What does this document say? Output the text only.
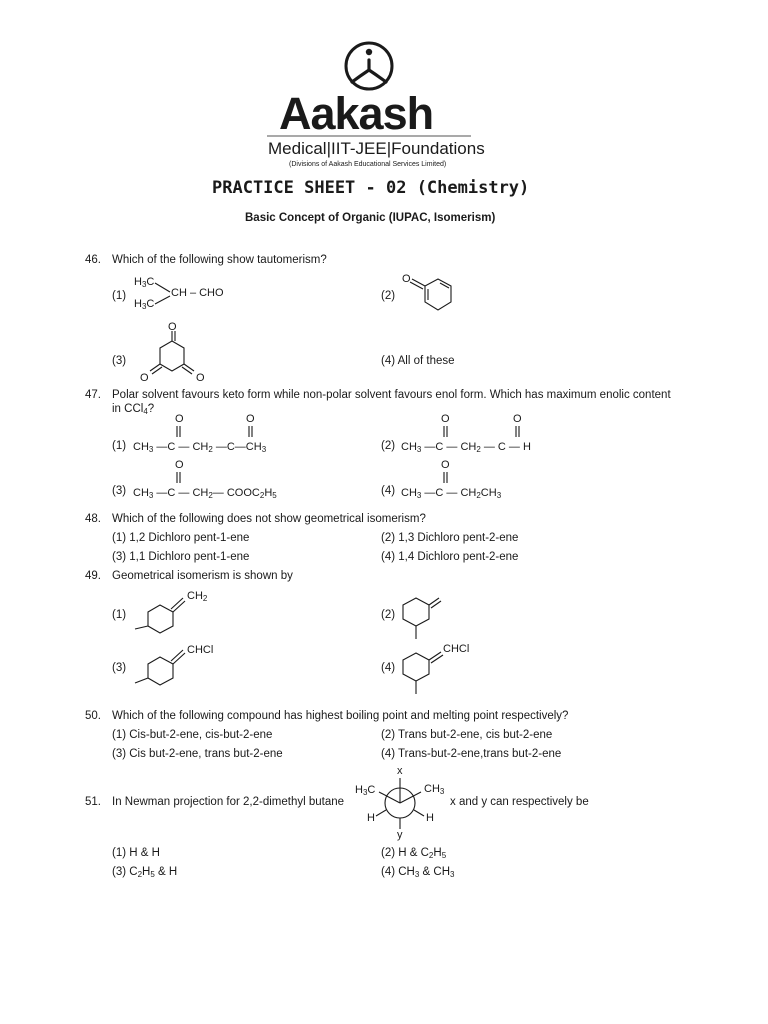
Aakash
Medical|IIT-JEE|Foundations
(Divisions of Aakash Educational Services Limited)
PRACTICE SHEET - 02 (Chemistry)
Basic Concept of Organic (IUPAC, Isomerism)
46. Which of the following show tautomerism?
(1)
$H_3C$
$H_3C$
CH – CHO	(2)
O
(3)
O
O	O
(4) All of these
47. Polar solvent favours keto form while non-polar solvent favours enol form. Which has maximum enolic content
in CCl$_4$?
(1) CH3 —C — CH2 —C—CH3
O	O
(2) CH3 —C — CH2 — C — H
O	O
(3) CH3 —C — CH2— COOC2H5
O
(4) CH3 —C — CH2CH3
O
48. Which of the following does not show geometrical isomerism?
(1) 1,2 Dichloro pent-1-ene	(2) 1,3 Dichloro pent-2-ene
(3) 1,1 Dichloro pent-1-ene	(4) 1,4 Dichloro pent-2-ene
49. Geometrical isomerism is shown by
(1)
$CH_2$
(2)
(3)
CHCl
(4)
CHCl
50. Which of the following compound has highest boiling point and melting point respectively?
(1) Cis-but-2-ene, cis-but-2-ene	(2) Trans but-2-ene, cis but-2-ene
(3) Cis but-2-ene, trans but-2-ene	(4) Trans-but-2-ene,trans but-2-ene
51. In Newman projection for 2,2-dimethyl butane	x and y can respectively be
x
$H_3C$	$CH_3$
H	H
y
(1) H & H	(2) H & $C_2H_5$
(3) $C_2H_5$ & H	(4) $CH_3$ & $CH_3$
